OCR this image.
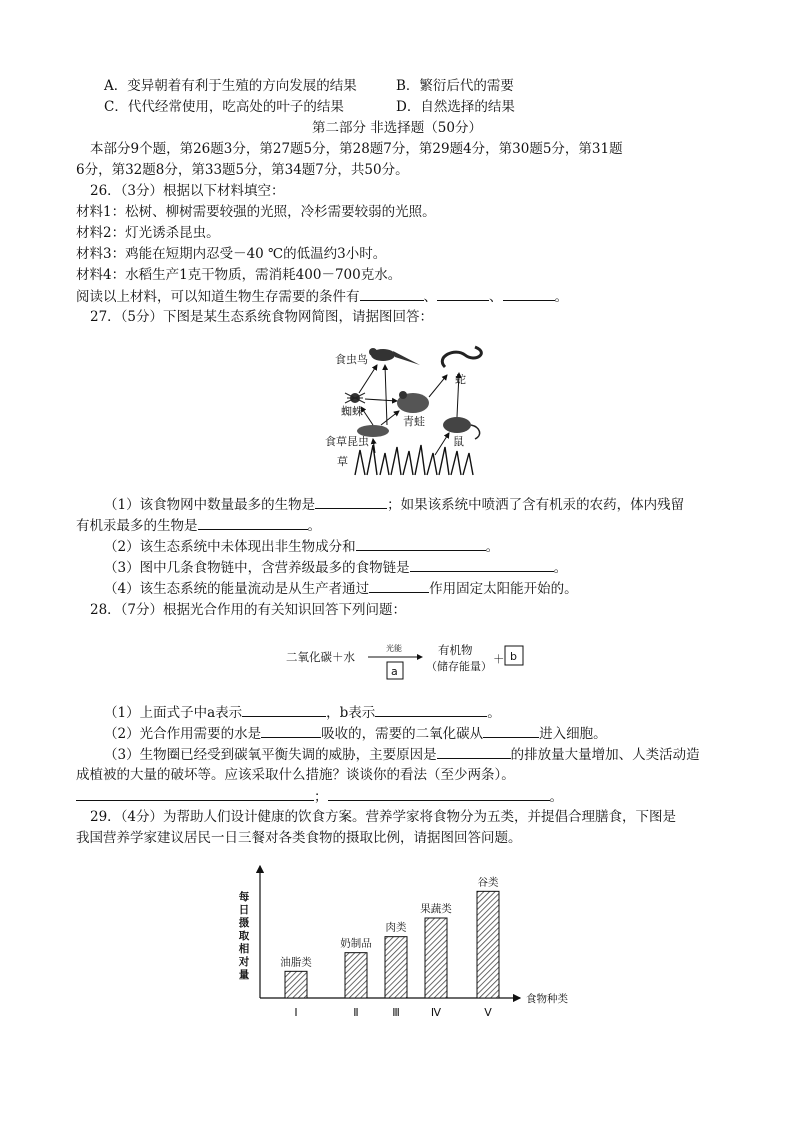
A．变异朝着有利于生殖的方向发展的结果	B．繁衍后代的需要
C．代代经常使用，吃高处的叶子的结果	D．自然选择的结果
第二部分 非选择题（50分）
本部分9个题，第26题3分，第27题5分，第28题7分，第29题4分，第30题5分，第31题
6分，第32题8分，第33题5分，第34题7分，共50分。
26．（3分）根据以下材料填空：
材料1：松树、柳树需要较强的光照，冷杉需要较弱的光照。
材料2：灯光诱杀昆虫。
材料3：鸡能在短期内忍受－40 ℃的低温约3小时。
材料4：水稻生产1克干物质，需消耗400－700克水。
阅读以上材料，可以知道生物生存需要的条件有	、	、	。
27．（5分）下图是某生态系统食物网简图，请据图回答：
食虫鸟
蛇
蜘蛛
青蛙
鼠
食草昆虫
草
（1）该食物网中数量最多的生物是	；如果该系统中喷洒了含有机汞的农药，体内残留
有机汞最多的生物是	。
（2）该生态系统中未体现出非生物成分和	。
（3）图中几条食物链中，含营养级最多的食物链是	。
（4）该生态系统的能量流动是从生产者通过	作用固定太阳能开始的。
28．（7分）根据光合作用的有关知识回答下列问题：
二氧化碳＋水
光能
a
有机物
（储存能量）
＋ b
（1）上面式子中a表示	，b表示	。
（2）光合作用需要的水是	吸收的，需要的二氧化碳从	进入细胞。
（3）生物圈已经受到碳氧平衡失调的威胁，主要原因是	的排放量大量增加、人类活动造
成植被的大量的破坏等。应该采取什么措施？谈谈你的看法（至少两条）。
；	。
29．（4分）为帮助人们设计健康的饮食方案。营养学家将食物分为五类，并提倡合理膳食，下图是
我国营养学家建议居民一日三餐对各类食物的摄取比例，请据图回答问题。
每
日
摄
取
相
对
量
食物种类
油脂类
Ⅰ
奶制品
Ⅱ
肉类
Ⅲ
果蔬类
Ⅳ
谷类
Ⅴ
